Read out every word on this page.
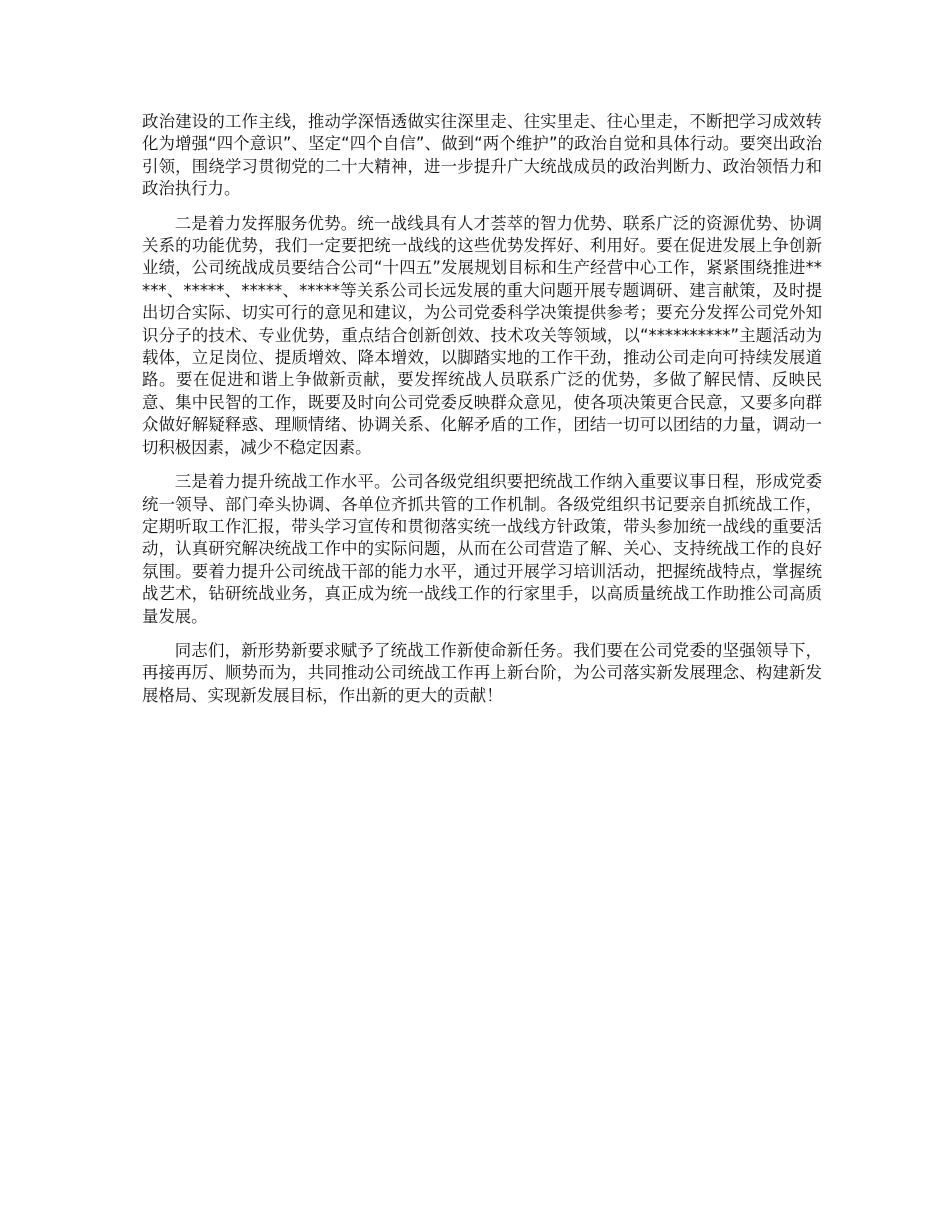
政治建设的工作主线，推动学深悟透做实往深里走、往实里走、往心里走，不断把学习成效转化为增强“四个意识”、坚定“四个自信”、做到“两个维护”的政治自觉和具体行动。要突出政治引领，围绕学习贯彻党的二十大精神，进一步提升广大统战成员的政治判断力、政治领悟力和政治执行力。

二是着力发挥服务优势。统一战线具有人才荟萃的智力优势、联系广泛的资源优势、协调关系的功能优势，我们一定要把统一战线的这些优势发挥好、利用好。要在促进发展上争创新业绩，公司统战成员要结合公司“十四五”发展规划目标和生产经营中心工作，紧紧围绕推进*****、*****、*****、*****等关系公司长远发展的重大问题开展专题调研、建言献策，及时提出切合实际、切实可行的意见和建议，为公司党委科学决策提供参考；要充分发挥公司党外知识分子的技术、专业优势，重点结合创新创效、技术攻关等领域，以“**********”主题活动为载体，立足岗位、提质增效、降本增效，以脚踏实地的工作干劲，推动公司走向可持续发展道路。要在促进和谐上争做新贡献，要发挥统战人员联系广泛的优势，多做了解民情、反映民意、集中民智的工作，既要及时向公司党委反映群众意见，使各项决策更合民意，又要多向群众做好解疑释惑、理顺情绪、协调关系、化解矛盾的工作，团结一切可以团结的力量，调动一切积极因素，减少不稳定因素。

三是着力提升统战工作水平。公司各级党组织要把统战工作纳入重要议事日程，形成党委统一领导、部门牵头协调、各单位齐抓共管的工作机制。各级党组织书记要亲自抓统战工作，定期听取工作汇报，带头学习宣传和贯彻落实统一战线方针政策，带头参加统一战线的重要活动，认真研究解决统战工作中的实际问题，从而在公司营造了解、关心、支持统战工作的良好氛围。要着力提升公司统战干部的能力水平，通过开展学习培训活动，把握统战特点，掌握统战艺术，钻研统战业务，真正成为统一战线工作的行家里手，以高质量统战工作助推公司高质量发展。

同志们，新形势新要求赋予了统战工作新使命新任务。我们要在公司党委的坚强领导下，再接再厉、顺势而为，共同推动公司统战工作再上新台阶，为公司落实新发展理念、构建新发展格局、实现新发展目标，作出新的更大的贡献！
